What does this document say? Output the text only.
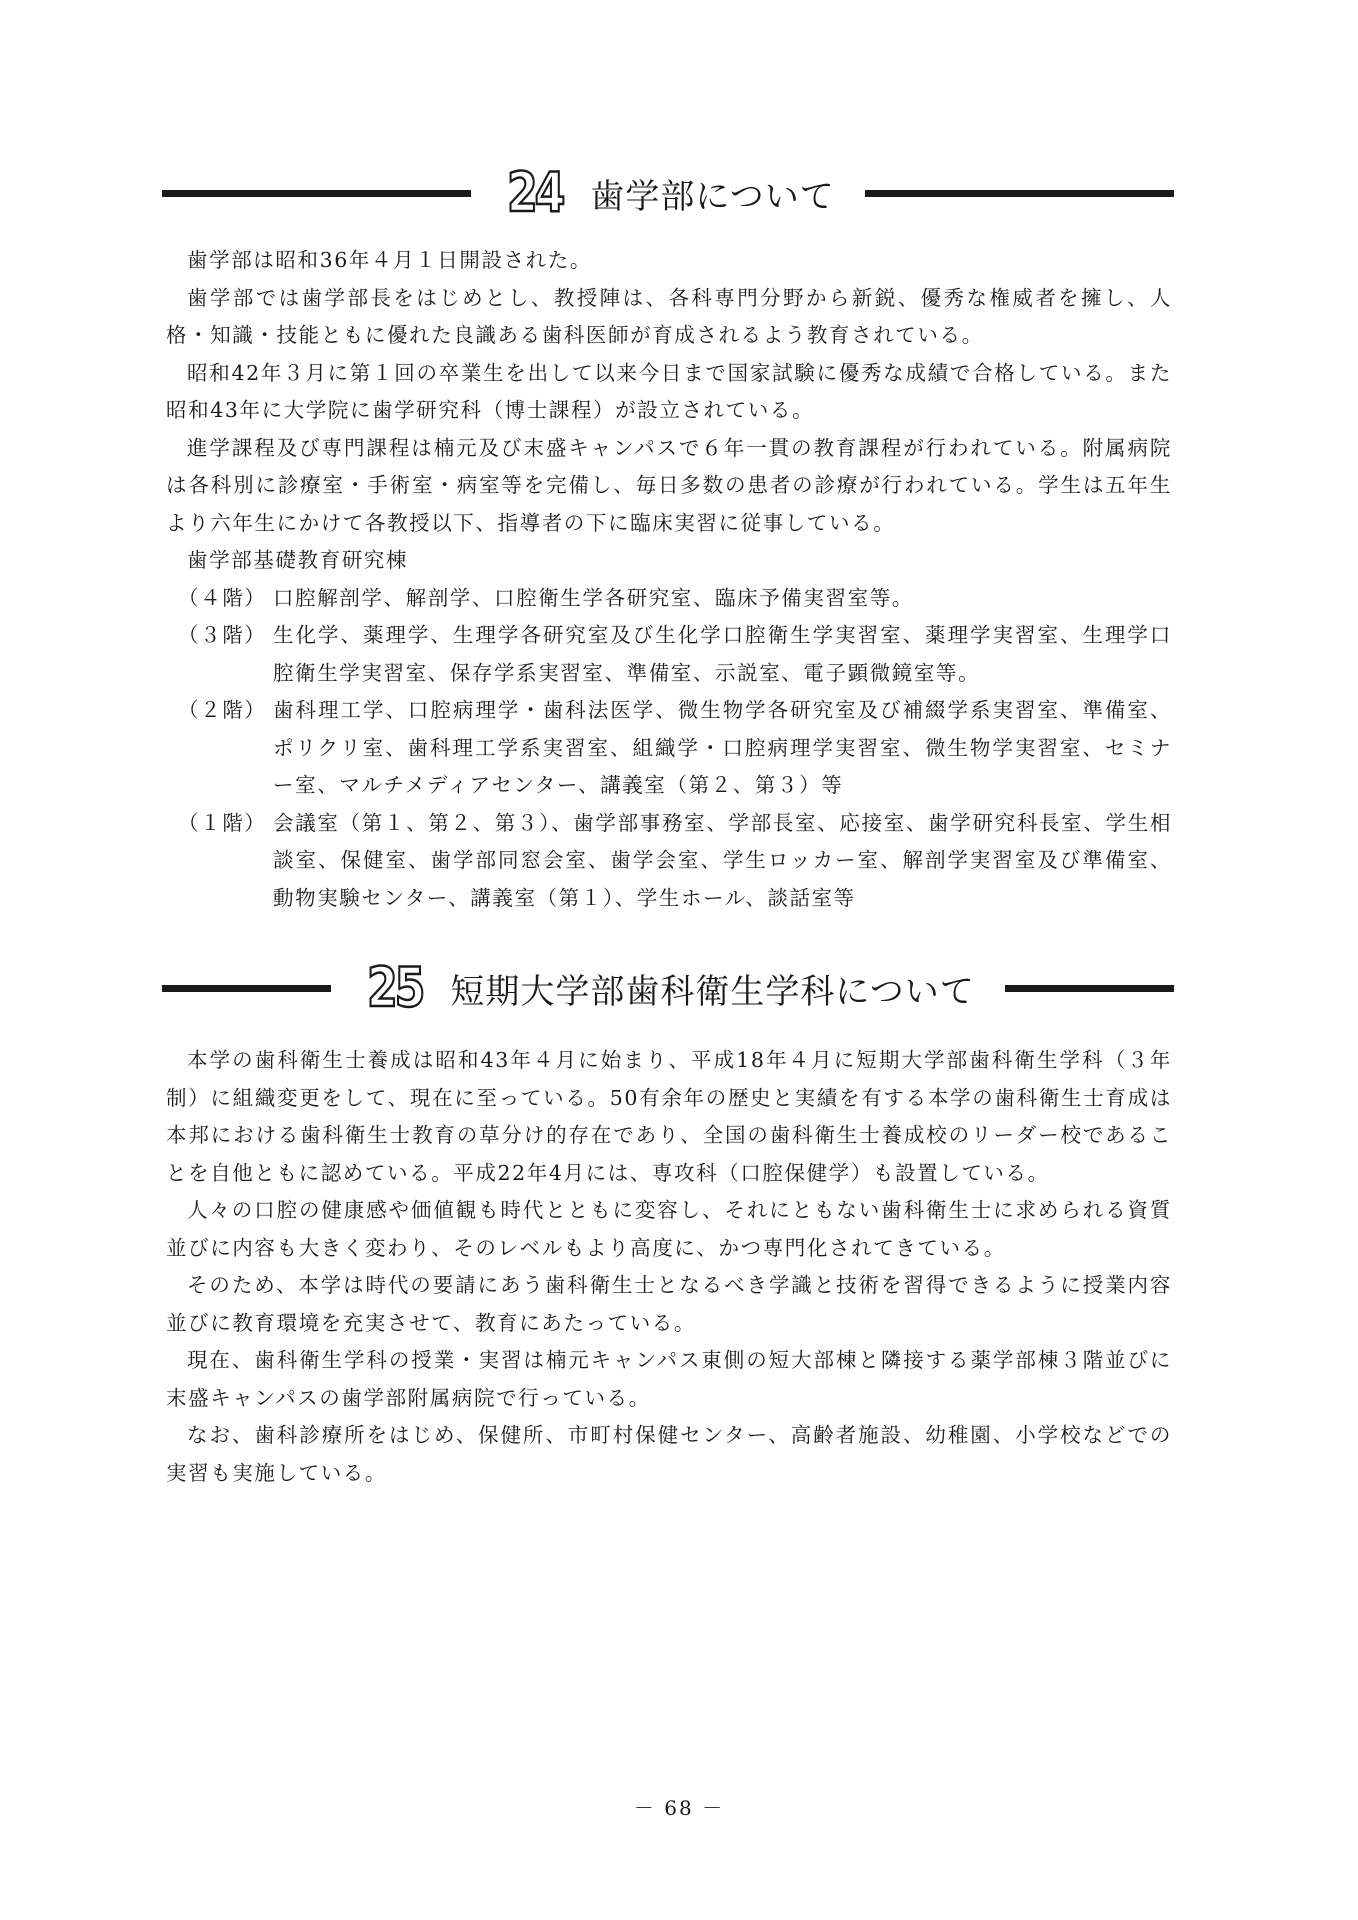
24 歯学部について

歯学部は昭和36年４月１日開設された。

歯学部では歯学部長をはじめとし、教授陣は、各科専門分野から新鋭、優秀な権威者を擁し、人格・知識・技能ともに優れた良識ある歯科医師が育成されるよう教育されている。

昭和42年３月に第１回の卒業生を出して以来今日まで国家試験に優秀な成績で合格している。また昭和43年に大学院に歯学研究科（博士課程）が設立されている。

進学課程及び専門課程は楠元及び末盛キャンパスで６年一貫の教育課程が行われている。附属病院は各科別に診療室・手術室・病室等を完備し、毎日多数の患者の診療が行われている。学生は五年生より六年生にかけて各教授以下、指導者の下に臨床実習に従事している。

歯学部基礎教育研究棟

（４階） 口腔解剖学、解剖学、口腔衛生学各研究室、臨床予備実習室等。
（３階） 生化学、薬理学、生理学各研究室及び生化学口腔衛生学実習室、薬理学実習室、生理学口腔衛生学実習室、保存学系実習室、準備室、示説室、電子顕微鏡室等。
（２階） 歯科理工学、口腔病理学・歯科法医学、微生物学各研究室及び補綴学系実習室、準備室、ポリクリ室、歯科理工学系実習室、組織学・口腔病理学実習室、微生物学実習室、セミナー室、マルチメディアセンター、講義室（第２、第３）等
（１階） 会議室（第１、第２、第３）、歯学部事務室、学部長室、応接室、歯学研究科長室、学生相談室、保健室、歯学部同窓会室、歯学会室、学生ロッカー室、解剖学実習室及び準備室、動物実験センター、講義室（第１）、学生ホール、談話室等
25 短期大学部歯科衛生学科について

本学の歯科衛生士養成は昭和43年４月に始まり、平成18年４月に短期大学部歯科衛生学科（３年制）に組織変更をして、現在に至っている。50有余年の歴史と実績を有する本学の歯科衛生士育成は本邦における歯科衛生士教育の草分け的存在であり、全国の歯科衛生士養成校のリーダー校であることを自他ともに認めている。平成22年4月には、専攻科（口腔保健学）も設置している。

人々の口腔の健康感や価値観も時代とともに変容し、それにともない歯科衛生士に求められる資質並びに内容も大きく変わり、そのレベルもより高度に、かつ専門化されてきている。

そのため、本学は時代の要請にあう歯科衛生士となるべき学識と技術を習得できるように授業内容並びに教育環境を充実させて、教育にあたっている。

現在、歯科衛生学科の授業・実習は楠元キャンパス東側の短大部棟と隣接する薬学部棟３階並びに末盛キャンパスの歯学部附属病院で行っている。

なお、歯科診療所をはじめ、保健所、市町村保健センター、高齢者施設、幼稚園、小学校などでの実習も実施している。

－ 68 －
